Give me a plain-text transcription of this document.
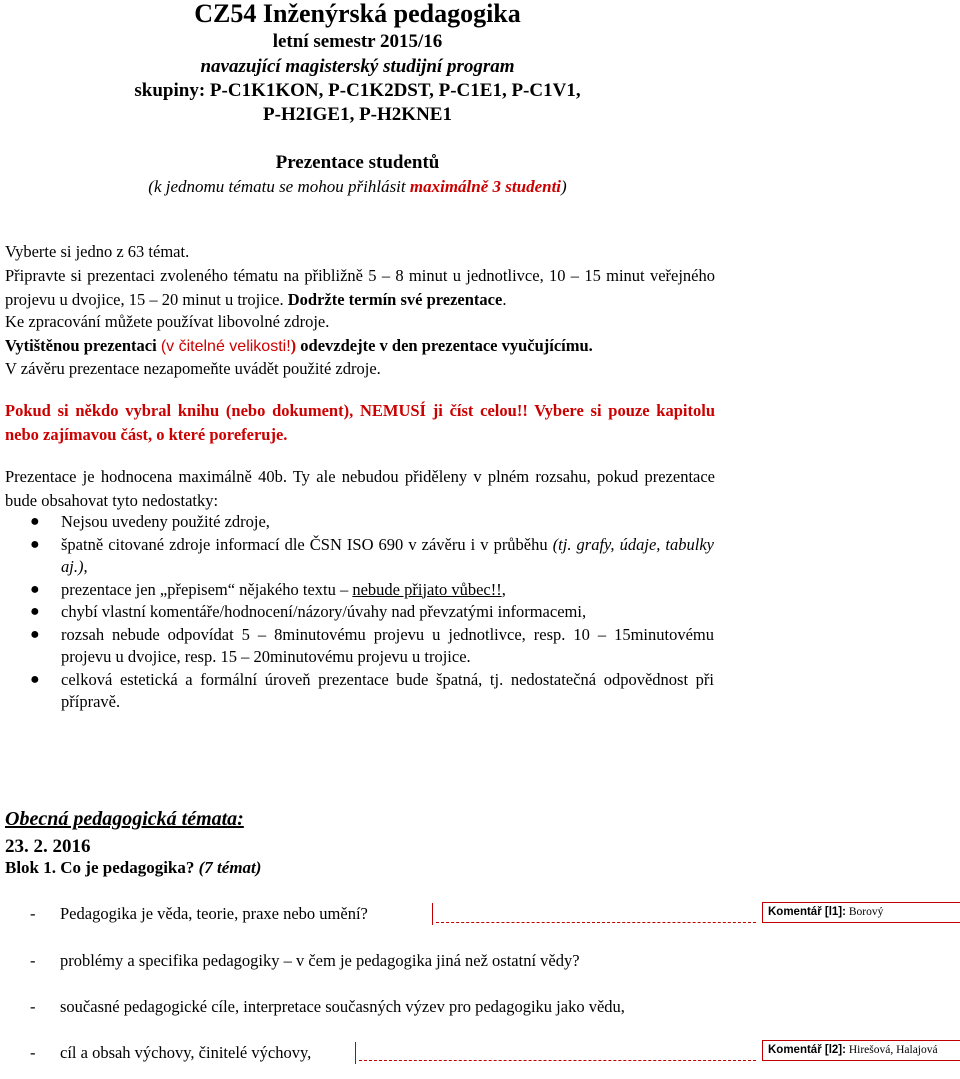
CZ54 Inženýrská pedagogika
letní semestr 2015/16
navazující magisterský studijní program
skupiny: P-C1K1KON, P-C1K2DST, P-C1E1, P-C1V1,
P-H2IGE1, P-H2KNE1
Prezentace studentů
(k jednomu tématu se mohou přihlásit maximálně 3 studenti)
Vyberte si jedno z 63 témat.
Připravte si prezentaci zvoleného tématu na přibližně 5 – 8 minut u jednotlivce, 10 – 15 minut veřejného projevu u dvojice, 15 – 20 minut u trojice. Dodržte termín své prezentace.
Ke zpracování můžete používat libovolné zdroje.
Vytištěnou prezentaci (v čitelné velikosti!) odevzdejte v den prezentace vyučujícímu.
V závěru prezentace nezapomeňte uvádět použité zdroje.
Pokud si někdo vybral knihu (nebo dokument), NEMUSÍ ji číst celou!! Vybere si pouze kapitolu nebo zajímavou část, o které poreferuje.
Prezentace je hodnocena maximálně 40b. Ty ale nebudou přiděleny v plném rozsahu, pokud prezentace bude obsahovat tyto nedostatky:
● Nejsou uvedeny použité zdroje,
● špatně citované zdroje informací dle ČSN ISO 690 v závěru i v průběhu (tj. grafy, údaje, tabulky aj.),
● prezentace jen „přepisem“ nějakého textu – nebude přijato vůbec!!,
● chybí vlastní komentáře/hodnocení/názory/úvahy nad převzatými informacemi,
● rozsah nebude odpovídat 5 – 8minutovému projevu u jednotlivce, resp. 10 – 15minutovému projevu u dvojice, resp. 15 – 20minutovému projevu u trojice.
● celková estetická a formální úroveň prezentace bude špatná, tj. nedostatečná odpovědnost při přípravě.
Obecná pedagogická témata:
23. 2. 2016
Blok 1. Co je pedagogika? (7 témat)
- Pedagogika je věda, teorie, praxe nebo umění?
- problémy a specifika pedagogiky – v čem je pedagogika jiná než ostatní vědy?
- současné pedagogické cíle, interpretace současných výzev pro pedagogiku jako vědu,
- cíl a obsah výchovy, činitelé výchovy,
Komentář [l1]: Borový
Komentář [l2]: Hirešová, Halajová
